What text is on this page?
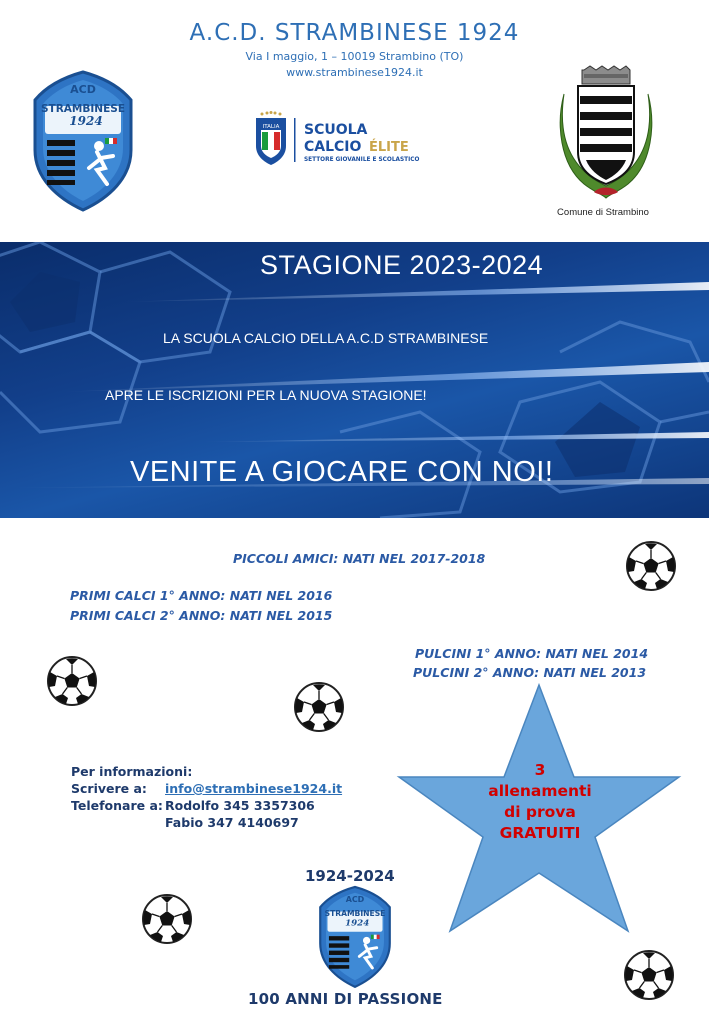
A.C.D. STRAMBINESE 1924
Via I maggio, 1 – 10019 Strambino (TO)
www.strambinese1924.it
ACD
STRAMBINESE
1924	ITALIA SCUOLA
CALCIO ÉLITE
SETTORE GIOVANILE E SCOLASTICO
Comune di Strambino
STAGIONE 2023-2024
LA SCUOLA CALCIO DELLA A.C.D STRAMBINESE
APRE LE ISCRIZIONI PER LA NUOVA STAGIONE!
VENITE A GIOCARE CON NOI!
PICCOLI AMICI: NATI NEL 2017-2018
PRIMI CALCI 1° ANNO: NATI NEL 2016
PRIMI CALCI 2° ANNO: NATI NEL 2015
PULCINI 1° ANNO: NATI NEL 2014
PULCINI 2° ANNO: NATI NEL 2013
Per informazioni:
Scrivere a: info@strambinese1924.it
Telefonare a: Rodolfo 345 3357306
Fabio 347 4140697
3
allenamenti
di prova
GRATUITI
1924-2024
ACD
STRAMBINESE
1924
100 ANNI DI PASSIONE
